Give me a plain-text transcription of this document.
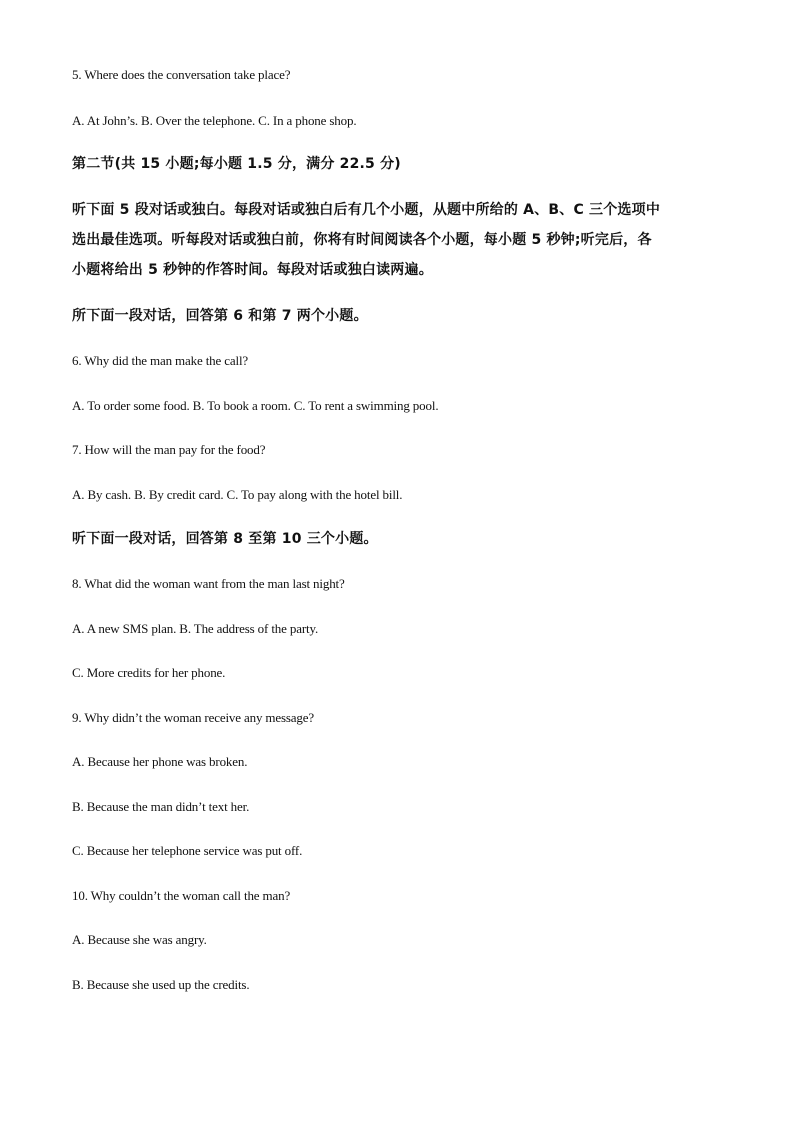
5. Where does the conversation take place?
A. At John’s. B. Over the telephone. C. In a phone shop.
第二节(共 15 小题;每小题 1.5 分，满分 22.5 分)
听下面 5 段对话或独白。每段对话或独白后有几个小题，从题中所给的 A、B、C 三个选项中
选出最佳选项。听每段对话或独白前，你将有时间阅读各个小题，每小题 5 秒钟;听完后，各
小题将给出 5 秒钟的作答时间。每段对话或独白读两遍。
所下面一段对话，回答第 6 和第 7 两个小题。
6. Why did the man make the call?
A. To order some food. B. To book a room. C. To rent a swimming pool.
7. How will the man pay for the food?
A. By cash. B. By credit card. C. To pay along with the hotel bill.
听下面一段对话，回答第 8 至第 10 三个小题。
8. What did the woman want from the man last night?
A. A new SMS plan. B. The address of the party.
C. More credits for her phone.
9. Why didn’t the woman receive any message?
A. Because her phone was broken.
B. Because the man didn’t text her.
C. Because her telephone service was put off.
10. Why couldn’t the woman call the man?
A. Because she was angry.
B. Because she used up the credits.
